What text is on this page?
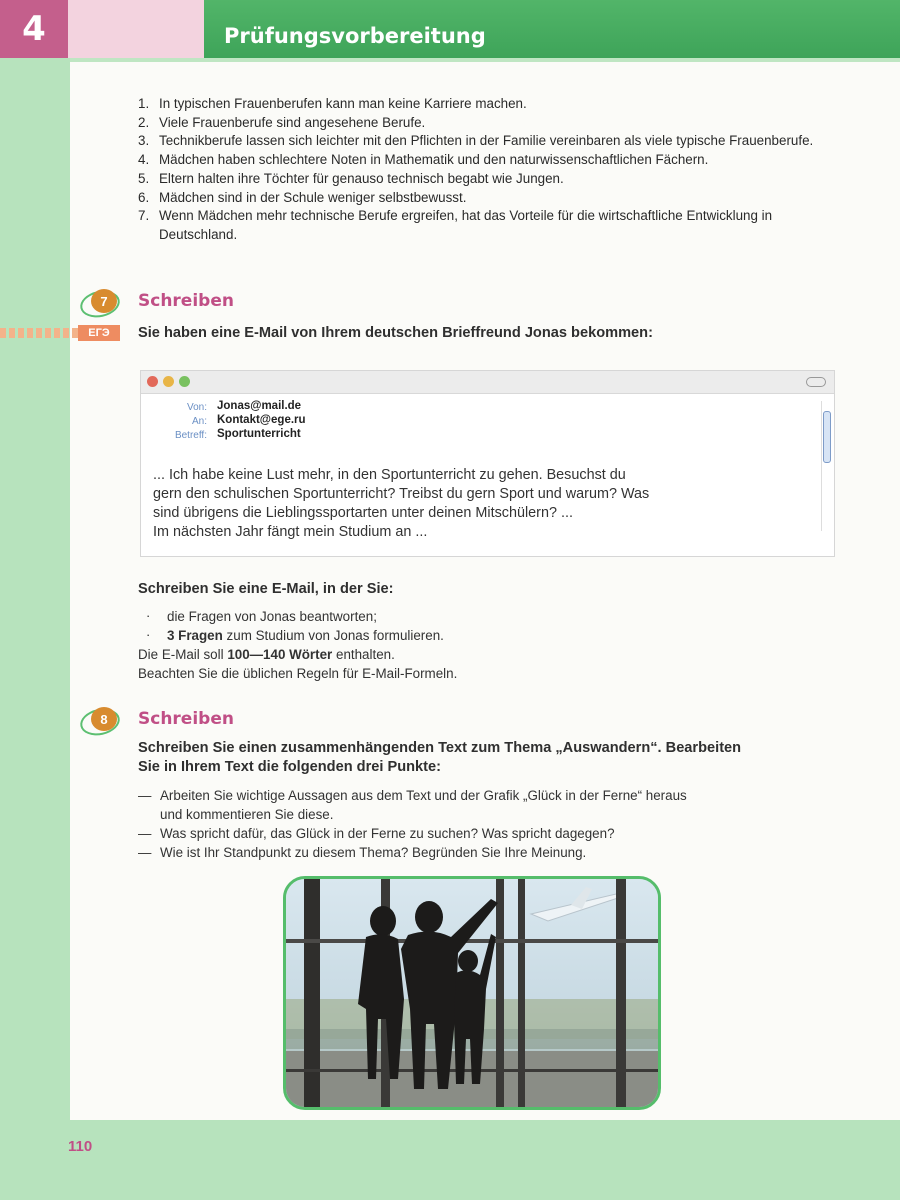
4	Prüfungsvorbereitung
1. In typischen Frauenberufen kann man keine Karriere machen.
2. Viele Frauenberufe sind angesehene Berufe.
3. Technikberufe lassen sich leichter mit den Pflichten in der Familie vereinbaren als viele typische Frauenberufe.
4. Mädchen haben schlechtere Noten in Mathematik und den naturwissenschaftlichen Fächern.
5. Eltern halten ihre Töchter für genauso technisch begabt wie Jungen.
6. Mädchen sind in der Schule weniger selbstbewusst.
7. Wenn Mädchen mehr technische Berufe ergreifen, hat das Vorteile für die wirtschaftliche Entwicklung in Deutschland.
7	Schreiben
ЕГЭ	Sie haben eine E-Mail von Ihrem deutschen Brieffreund Jonas bekommen:
Von: Jonas@mail.de
An: Kontakt@ege.ru
Betreff: Sportunterricht
... Ich habe keine Lust mehr, in den Sportunterricht zu gehen. Besuchst du
gern den schulischen Sportunterricht? Treibst du gern Sport und warum? Was
sind übrigens die Lieblingssportarten unter deinen Mitschülern? ...
Im nächsten Jahr fängt mein Studium an ...
Schreiben Sie eine E-Mail, in der Sie:
· die Fragen von Jonas beantworten;
· 3 Fragen zum Studium von Jonas formulieren.
Die E-Mail soll 100—140 Wörter enthalten.
Beachten Sie die üblichen Regeln für E-Mail-Formeln.
8	Schreiben
Schreiben Sie einen zusammenhängenden Text zum Thema „Auswandern“. Bearbeiten
Sie in Ihrem Text die folgenden drei Punkte:
— Arbeiten Sie wichtige Aussagen aus dem Text und der Grafik „Glück in der Ferne“ heraus
und kommentieren Sie diese.
— Was spricht dafür, das Glück in der Ferne zu suchen? Was spricht dagegen?
— Wie ist Ihr Standpunkt zu diesem Thema? Begründen Sie Ihre Meinung.
110
